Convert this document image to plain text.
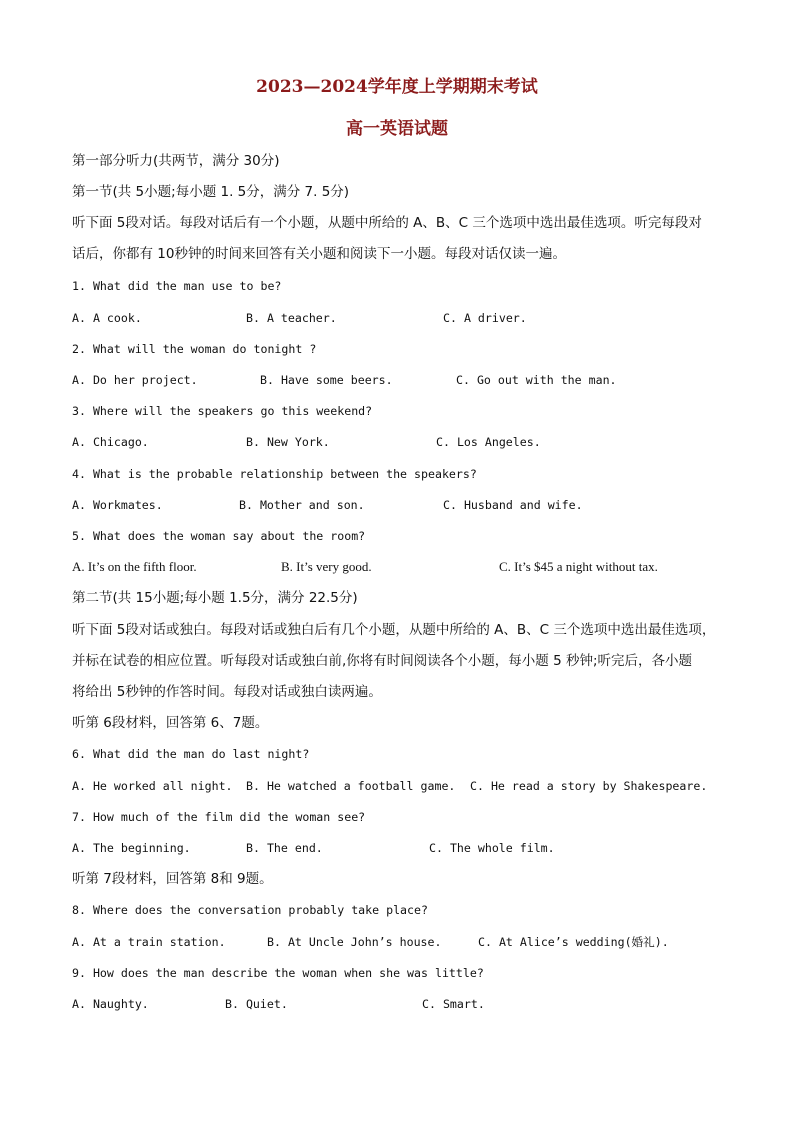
2023—2024学年度上学期期末考试
高一英语试题
第一部分听力(共两节，满分 30分)
第一节(共 5小题;每小题 1. 5分，满分 7. 5分)
听下面 5段对话。每段对话后有一个小题，从题中所给的 A、B、C 三个选项中选出最佳选项。听完每段对
话后，你都有 10秒钟的时间来回答有关小题和阅读下一小题。每段对话仅读一遍。
1. What did the man use to be?
A. A cook.	B. A teacher.	C. A driver.
2. What will the woman do tonight ?
A. Do her project.	B. Have some beers.	C. Go out with the man.
3. Where will the speakers go this weekend?
A. Chicago.	B. New York.	C. Los Angeles.
4. What is the probable relationship between the speakers?
A. Workmates.	B. Mother and son.	C. Husband and wife.
5. What does the woman say about the room?
A. It’s on the fifth floor.	B. It’s very good.	C. It’s $45 a night without tax.
第二节(共 15小题;每小题 1.5分，满分 22.5分)
听下面 5段对话或独白。每段对话或独白后有几个小题，从题中所给的 A、B、C 三个选项中选出最佳选项，
并标在试卷的相应位置。听每段对话或独白前,你将有时间阅读各个小题，每小题 5 秒钟;听完后，各小题
将给出 5秒钟的作答时间。每段对话或独白读两遍。
听第 6段材料，回答第 6、7题。
6. What did the man do last night?
A. He worked all night. B. He watched a football game. C. He read a story by Shakespeare.
7. How much of the film did the woman see?
A. The beginning.	B. The end.	C. The whole film.
听第 7段材料，回答第 8和 9题。
8. Where does the conversation probably take place?
A. At a train station.	B. At Uncle John’s house.	C. At Alice’s wedding(婚礼).
9. How does the man describe the woman when she was little?
A. Naughty.	B. Quiet.	C. Smart.
